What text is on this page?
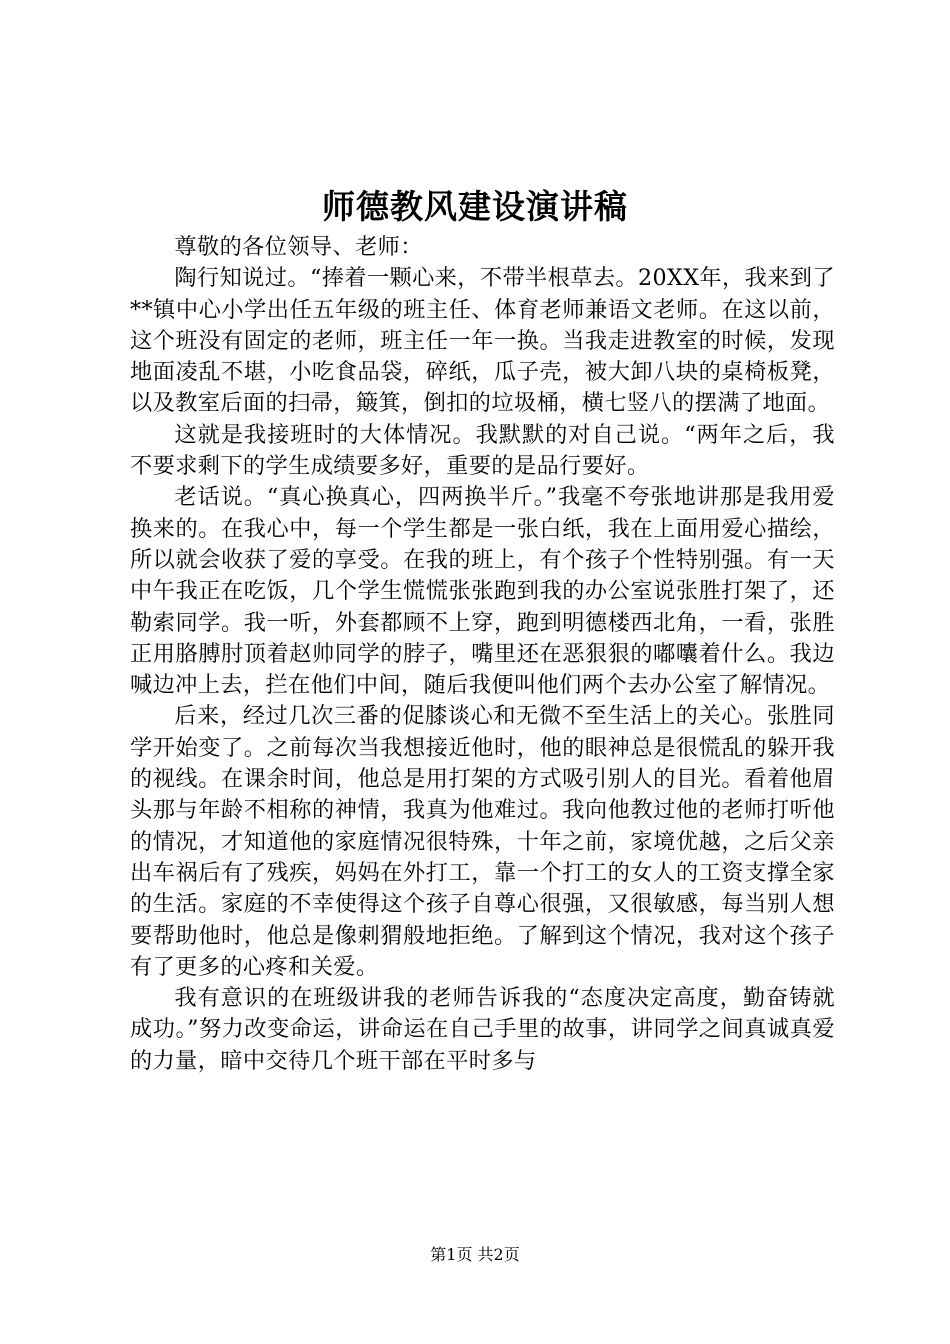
师德教风建设演讲稿

尊敬的各位领导、老师：

陶行知说过。“捧着一颗心来，不带半根草去。20XX年，我来到了**镇中心小学出任五年级的班主任、体育老师兼语文老师。在这以前，这个班没有固定的老师，班主任一年一换。当我走进教室的时候，发现地面凌乱不堪，小吃食品袋，碎纸，瓜子壳，被大卸八块的桌椅板凳，以及教室后面的扫帚，簸箕，倒扣的垃圾桶，横七竖八的摆满了地面。

这就是我接班时的大体情况。我默默的对自己说。“两年之后，我不要求剩下的学生成绩要多好，重要的是品行要好。

老话说。“真心换真心，四两换半斤。”我毫不夸张地讲那是我用爱换来的。在我心中，每一个学生都是一张白纸，我在上面用爱心描绘，所以就会收获了爱的享受。在我的班上，有个孩子个性特别强。有一天中午我正在吃饭，几个学生慌慌张张跑到我的办公室说张胜打架了，还勒索同学。我一听，外套都顾不上穿，跑到明德楼西北角，一看，张胜正用胳膊肘顶着赵帅同学的脖子，嘴里还在恶狠狠的嘟囔着什么。我边喊边冲上去，拦在他们中间，随后我便叫他们两个去办公室了解情况。

后来，经过几次三番的促膝谈心和无微不至生活上的关心。张胜同学开始变了。之前每次当我想接近他时，他的眼神总是很慌乱的躲开我的视线。在课余时间，他总是用打架的方式吸引别人的目光。看着他眉头那与年龄不相称的神情，我真为他难过。我向他教过他的老师打听他的情况，才知道他的家庭情况很特殊，十年之前，家境优越，之后父亲出车祸后有了残疾，妈妈在外打工，靠一个打工的女人的工资支撑全家的生活。家庭的不幸使得这个孩子自尊心很强，又很敏感，每当别人想要帮助他时，他总是像刺猬般地拒绝。了解到这个情况，我对这个孩子有了更多的心疼和关爱。

我有意识的在班级讲我的老师告诉我的“态度决定高度，勤奋铸就成功。”努力改变命运，讲命运在自己手里的故事，讲同学之间真诚真爱的力量，暗中交待几个班干部在平时多与

第1页 共2页
